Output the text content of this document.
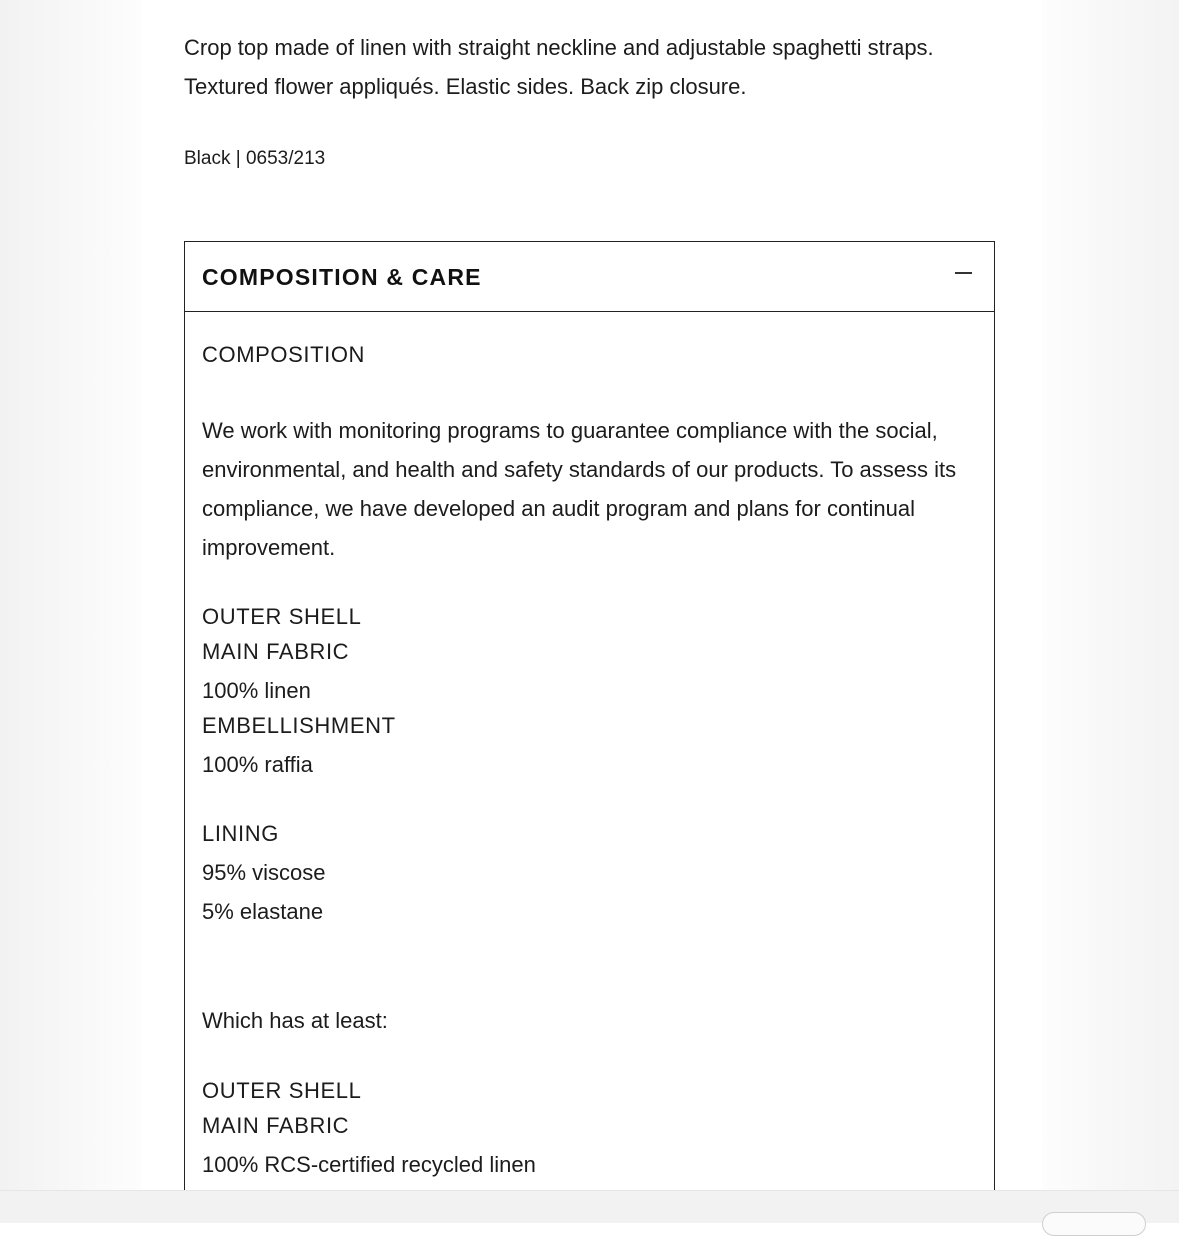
Crop top made of linen with straight neckline and adjustable spaghetti straps. Textured flower appliqués. Elastic sides. Back zip closure.
Black | 0653/213
COMPOSITION & CARE
COMPOSITION
We work with monitoring programs to guarantee compliance with the social, environmental, and health and safety standards of our products. To assess its compliance, we have developed an audit program and plans for continual improvement.
OUTER SHELL
MAIN FABRIC
100% linen
EMBELLISHMENT
100% raffia
LINING
95% viscose
5% elastane
Which has at least:
OUTER SHELL
MAIN FABRIC
100% RCS-certified recycled linen
